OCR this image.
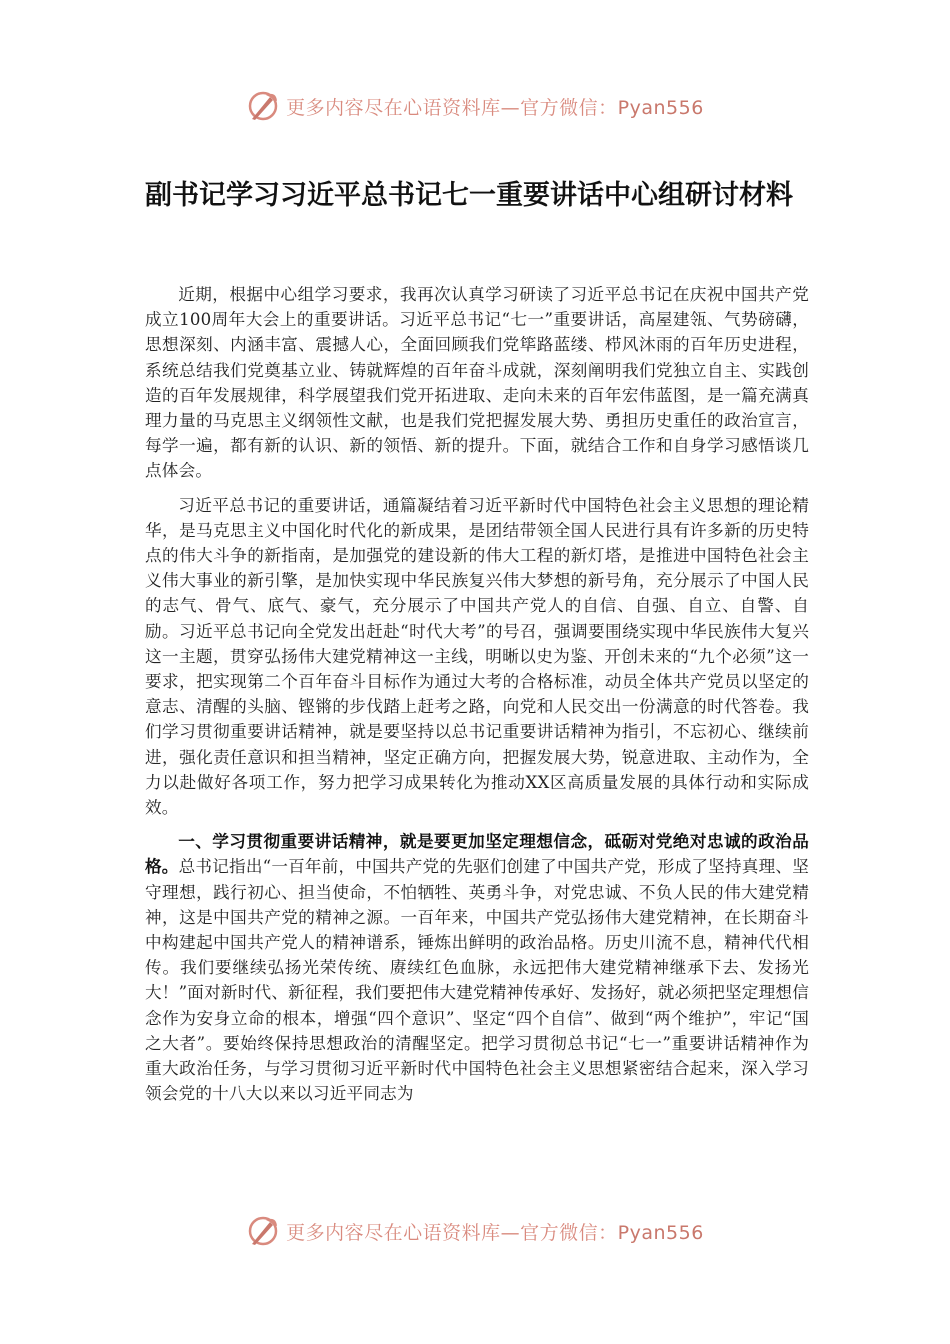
更多内容尽在心语资料库—官方微信：Pyan556
副书记学习习近平总书记七一重要讲话中心组研讨材料

近期，根据中心组学习要求，我再次认真学习研读了习近平总书记在庆祝中国共产党成立100周年大会上的重要讲话。习近平总书记“七一”重要讲话，高屋建瓴、气势磅礴，思想深刻、内涵丰富、震撼人心，全面回顾我们党筚路蓝缕、栉风沐雨的百年历史进程，系统总结我们党奠基立业、铸就辉煌的百年奋斗成就，深刻阐明我们党独立自主、实践创造的百年发展规律，科学展望我们党开拓进取、走向未来的百年宏伟蓝图，是一篇充满真理力量的马克思主义纲领性文献，也是我们党把握发展大势、勇担历史重任的政治宣言，每学一遍，都有新的认识、新的领悟、新的提升。下面，就结合工作和自身学习感悟谈几点体会。

习近平总书记的重要讲话，通篇凝结着习近平新时代中国特色社会主义思想的理论精华，是马克思主义中国化时代化的新成果，是团结带领全国人民进行具有许多新的历史特点的伟大斗争的新指南，是加强党的建设新的伟大工程的新灯塔，是推进中国特色社会主义伟大事业的新引擎，是加快实现中华民族复兴伟大梦想的新号角，充分展示了中国人民的志气、骨气、底气、豪气，充分展示了中国共产党人的自信、自强、自立、自警、自励。习近平总书记向全党发出赶赴“时代大考”的号召，强调要围绕实现中华民族伟大复兴这一主题，贯穿弘扬伟大建党精神这一主线，明晰以史为鉴、开创未来的“九个必须”这一要求，把实现第二个百年奋斗目标作为通过大考的合格标准，动员全体共产党员以坚定的意志、清醒的头脑、铿锵的步伐踏上赶考之路，向党和人民交出一份满意的时代答卷。我们学习贯彻重要讲话精神，就是要坚持以总书记重要讲话精神为指引，不忘初心、继续前进，强化责任意识和担当精神，坚定正确方向，把握发展大势，锐意进取、主动作为，全力以赴做好各项工作，努力把学习成果转化为推动XX区高质量发展的具体行动和实际成效。

一、学习贯彻重要讲话精神，就是要更加坚定理想信念，砥砺对党绝对忠诚的政治品格。总书记指出“一百年前，中国共产党的先驱们创建了中国共产党，形成了坚持真理、坚守理想，践行初心、担当使命，不怕牺牲、英勇斗争，对党忠诚、不负人民的伟大建党精神，这是中国共产党的精神之源。一百年来，中国共产党弘扬伟大建党精神，在长期奋斗中构建起中国共产党人的精神谱系，锤炼出鲜明的政治品格。历史川流不息，精神代代相传。我们要继续弘扬光荣传统、赓续红色血脉，永远把伟大建党精神继承下去、发扬光大！”面对新时代、新征程，我们要把伟大建党精神传承好、发扬好，就必须把坚定理想信念作为安身立命的根本，增强“四个意识”、坚定“四个自信”、做到“两个维护”，牢记“国之大者”。要始终保持思想政治的清醒坚定。把学习贯彻总书记“七一”重要讲话精神作为重大政治任务，与学习贯彻习近平新时代中国特色社会主义思想紧密结合起来，深入学习领会党的十八大以来以习近平同志为

更多内容尽在心语资料库—官方微信：Pyan556
